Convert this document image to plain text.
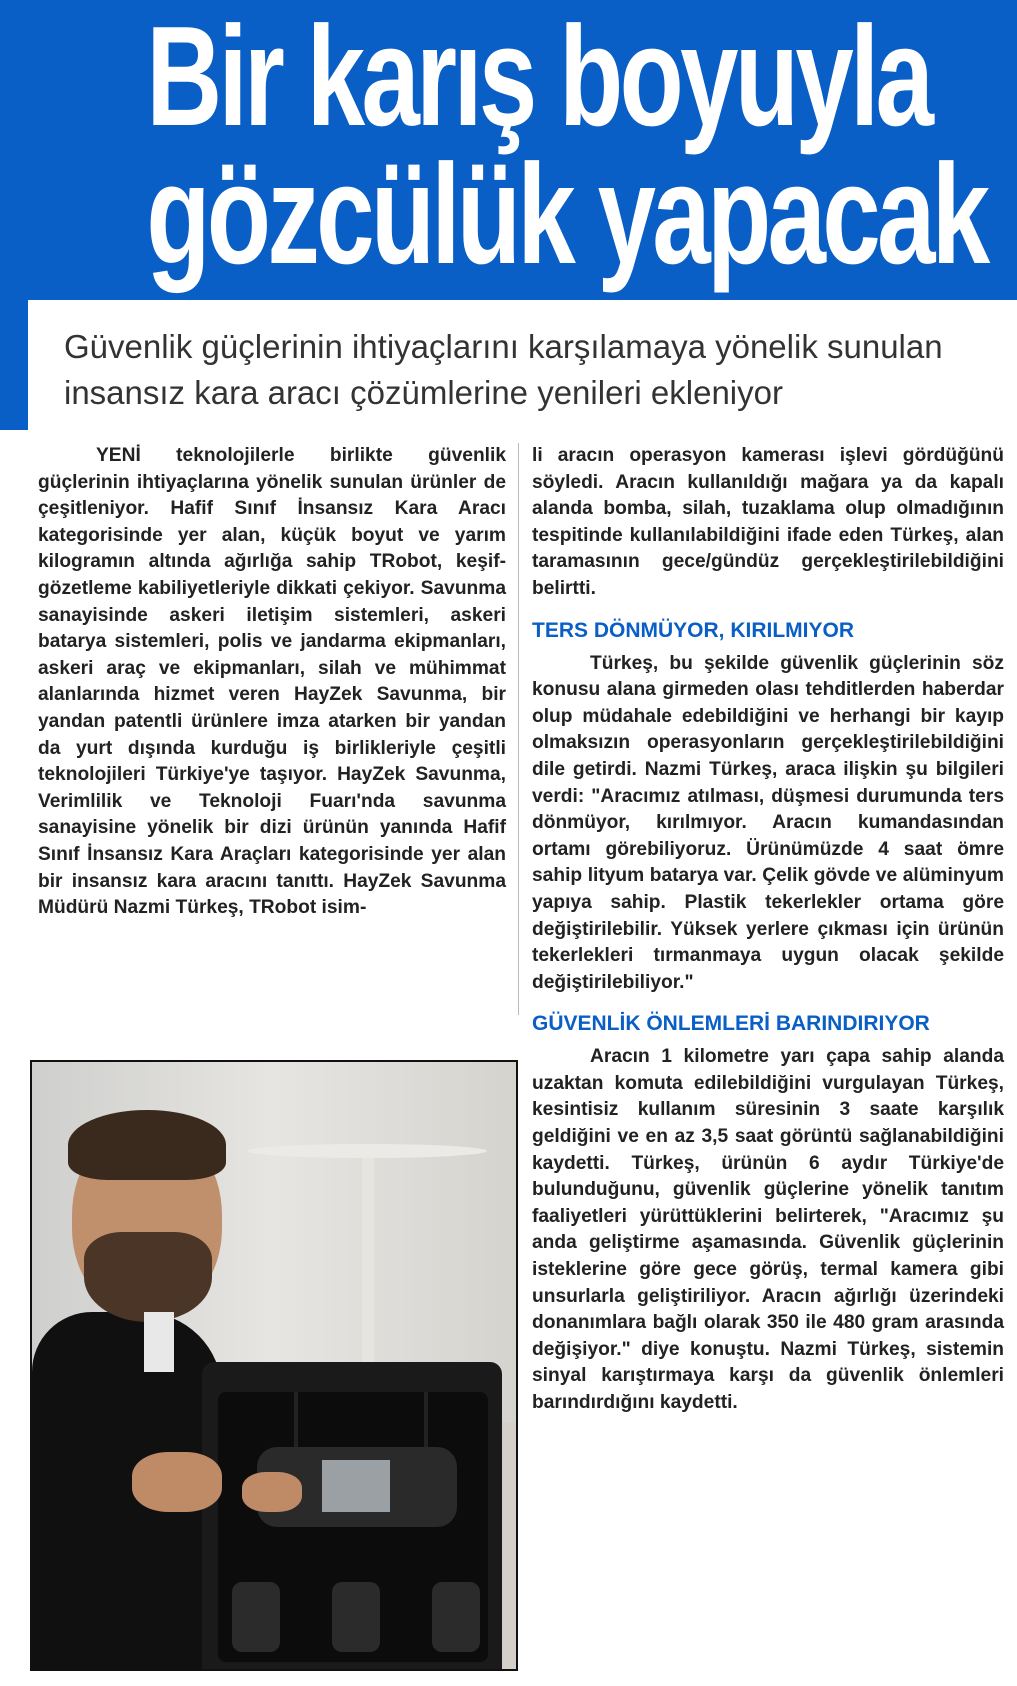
Bir karış boyuyla
gözcülük yapacak

Güvenlik güçlerinin ihtiyaçlarını karşılamaya yönelik sunulan insansız kara aracı çözümlerine yenileri ekleniyor

YENİ teknolojilerle birlikte güvenlik güçlerinin ihtiyaçlarına yönelik sunulan ürünler de çeşitleniyor. Hafif Sınıf İnsansız Kara Aracı kategorisinde yer alan, küçük boyut ve yarım kilogramın altında ağırlığa sahip TRobot, keşif-gözetleme kabiliyetleriyle dikkati çekiyor. Savunma sanayisinde askeri iletişim sistemleri, askeri batarya sistemleri, polis ve jandarma ekipmanları, askeri araç ve ekipmanları, silah ve mühimmat alanlarında hizmet veren HayZek Savunma, bir yandan patentli ürünlere imza atarken bir yandan da yurt dışında kurduğu iş birlikleriyle çeşitli teknolojileri Türkiye'ye taşıyor. HayZek Savunma, Verimlilik ve Teknoloji Fuarı'nda savunma sanayisine yönelik bir dizi ürünün yanında Hafif Sınıf İnsansız Kara Araçları kategorisinde yer alan bir insansız kara aracını tanıttı. HayZek Savunma Müdürü Nazmi Türkeş, TRobot isim-

li aracın operasyon kamerası işlevi gördüğünü söyledi. Aracın kullanıldığı mağara ya da kapalı alanda bomba, silah, tuzaklama olup olmadığının tespitinde kullanılabildiğini ifade eden Türkeş, alan taramasının gece/gündüz gerçekleştirilebildiğini belirtti.

TERS DÖNMÜYOR, KIRILMIYOR

Türkeş, bu şekilde güvenlik güçlerinin söz konusu alana girmeden olası tehditlerden haberdar olup müdahale edebildiğini ve herhangi bir kayıp olmaksızın operasyonların gerçekleştirilebildiğini dile getirdi. Nazmi Türkeş, araca ilişkin şu bilgileri verdi: "Aracımız atılması, düşmesi durumunda ters dönmüyor, kırılmıyor. Aracın kumandasından ortamı görebiliyoruz. Ürünümüzde 4 saat ömre sahip lityum batarya var. Çelik gövde ve alüminyum yapıya sahip. Plastik tekerlekler ortama göre değiştirilebilir. Yüksek yerlere çıkması için ürünün tekerlekleri tırmanmaya uygun olacak şekilde değiştirilebiliyor."

GÜVENLİK ÖNLEMLERİ BARINDIRIYOR

Aracın 1 kilometre yarı çapa sahip alanda uzaktan komuta edilebildiğini vurgulayan Türkeş, kesintisiz kullanım süresinin 3 saate karşılık geldiğini ve en az 3,5 saat görüntü sağlanabildiğini kaydetti. Türkeş, ürünün 6 aydır Türkiye'de bulunduğunu, güvenlik güçlerine yönelik tanıtım faaliyetleri yürüttüklerini belirterek, "Aracımız şu anda geliştirme aşamasında. Güvenlik güçlerinin isteklerine göre gece görüş, termal kamera gibi unsurlarla geliştiriliyor. Aracın ağırlığı üzerindeki donanımlara bağlı olarak 350 ile 480 gram arasında değişiyor." diye konuştu. Nazmi Türkeş, sistemin sinyal karıştırmaya karşı da güvenlik önlemleri barındırdığını kaydetti.
